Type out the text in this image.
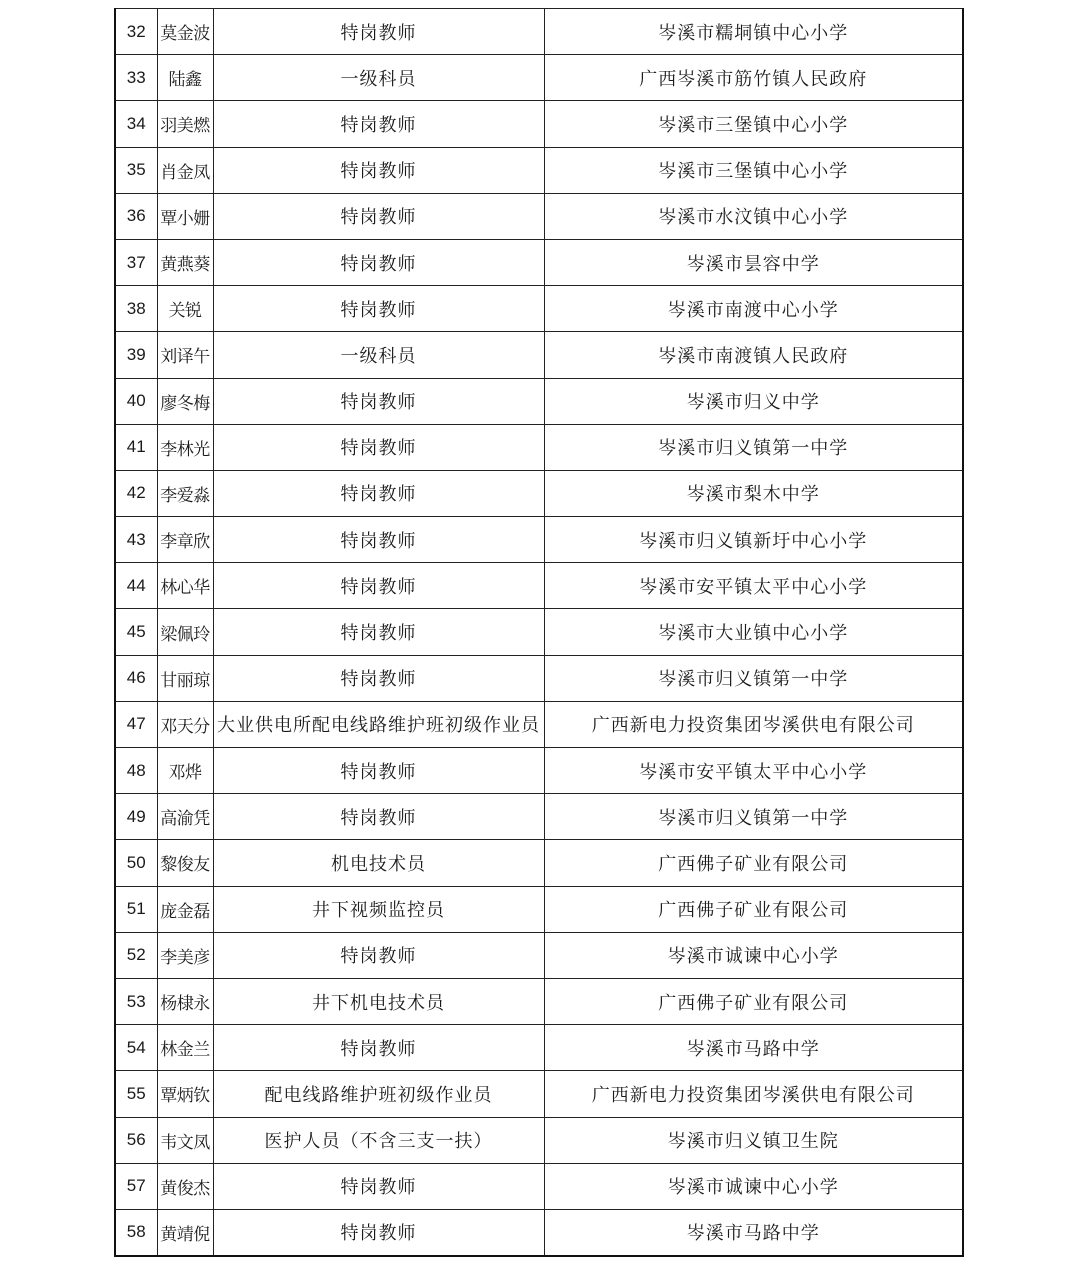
32	莫金波	特岗教师	岑溪市糯垌镇中心小学
33	陆鑫	一级科员	广西岑溪市筋竹镇人民政府
34	羽美燃	特岗教师	岑溪市三堡镇中心小学
35	肖金凤	特岗教师	岑溪市三堡镇中心小学
36	覃小姗	特岗教师	岑溪市水汶镇中心小学
37	黄燕葵	特岗教师	岑溪市昙容中学
38	关锐	特岗教师	岑溪市南渡中心小学
39	刘译午	一级科员	岑溪市南渡镇人民政府
40	廖冬梅	特岗教师	岑溪市归义中学
41	李林光	特岗教师	岑溪市归义镇第一中学
42	李爱淼	特岗教师	岑溪市梨木中学
43	李章欣	特岗教师	岑溪市归义镇新圩中心小学
44	林心华	特岗教师	岑溪市安平镇太平中心小学
45	梁佩玲	特岗教师	岑溪市大业镇中心小学
46	甘丽琼	特岗教师	岑溪市归义镇第一中学
47	邓天分	大业供电所配电线路维护班初级作业员	广西新电力投资集团岑溪供电有限公司
48	邓烨	特岗教师	岑溪市安平镇太平中心小学
49	高渝凭	特岗教师	岑溪市归义镇第一中学
50	黎俊友	机电技术员	广西佛子矿业有限公司
51	庞金磊	井下视频监控员	广西佛子矿业有限公司
52	李美彦	特岗教师	岑溪市诚谏中心小学
53	杨棣永	井下机电技术员	广西佛子矿业有限公司
54	林金兰	特岗教师	岑溪市马路中学
55	覃炳钦	配电线路维护班初级作业员	广西新电力投资集团岑溪供电有限公司
56	韦文凤	医护人员（不含三支一扶）	岑溪市归义镇卫生院
57	黄俊杰	特岗教师	岑溪市诚谏中心小学
58	黄靖倪	特岗教师	岑溪市马路中学
